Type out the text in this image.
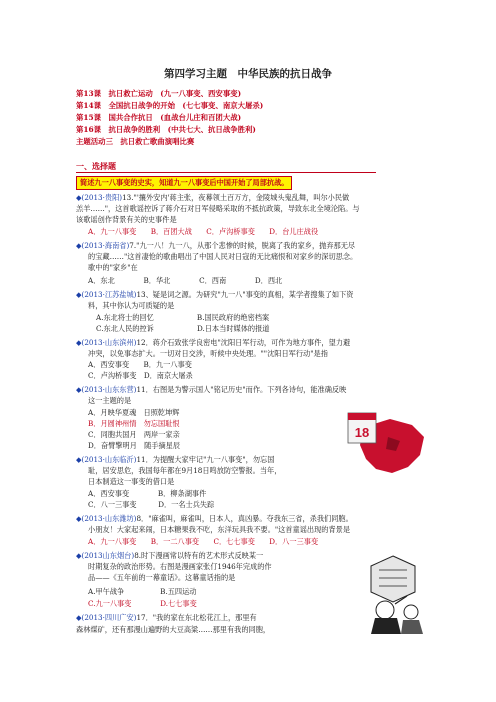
第四学习主题　中华民族的抗日战争
第13课　抗日救亡运动　(九一八事变、西安事变)
第14课　全国抗日战争的开始　(七七事变、南京大屠杀)
第15课　国共合作抗日　(血战台儿庄和百团大战)
第16课　抗日战争的胜利　(中共七大、抗日战争胜利)
主题活动三　抗日救亡歌曲演唱比赛
一、选择题
简述九一八事变的史实，知道九一八事变后中国开始了局部抗战。
◆(2013·贵阳)13."'攘外安内'蒋主张，夜幕领土百万方，金陵城头鬼乱舞，叫尔小民做
羔羊……"，这首歌谣控诉了蒋介石对日军侵略采取的不抵抗政策，导致东北全境沦陷。与
该歌谣创作背景有关的史事件是
A．九一八事变　　B．百团大战　　C．卢沟桥事变　　D．台儿庄战役
◆(2013·海南省)7."九一八！九一八，从那个悲惨的时候，脱离了我的家乡，抛弃那无尽
的宝藏……"这首凄怆的歌曲唱出了中国人民对日寇的无比痛恨和对家乡的深切思念。
歌中的"家乡"在
A．东北　　　　B．华北　　　　C．西南　　　　D．西北
◆(2013·江苏盐城)13、疑是词之源。为研究"九一八"事变的真相，某学者搜集了如下资
料，其中你认为可质疑的是
A.东北将士的回忆　　　　　　B.国民政府的绝密档案
C.东北人民的控诉　　　　　　D.日本当时媒体的报道
◆(2013·山东滨州)12．蒋介石致张学良密电"沈阳日军行动，可作为地方事件，望力避
冲突，以免事态扩大。一切对日交涉，听候中央处理。""沈阳日军行动"是指
A．西安事变　　B．九一八事变
C．卢沟桥事变　D．南京大屠杀
◆(2013·山东东营)11．右图是为警示国人"铭记历史"而作。下列各诗句，能准确反映
这一主题的是
A．月映华夏魂　日照乾坤辉
B．月圆神州情　勿忘国耻恨
C．同胞共国月　两岸一家亲
D．奋臂擎明月　随手摘星辰
◆(2013·山东临沂)11．为提醒大家牢记"九一八事变"，勿忘国
耻，居安思危，我国每年都在9月18日鸣放防空警报。当年，
日本制造这一事变的借口是
A．西安事变　　　　B．柳条湖事件
C．八一三事变　　　D．一名士兵失踪
◆(2013·山东潍坊)8．"麻雀叫，麻雀叫，日本人，真凶暴。夺我东三省，杀我们同胞。
小朋友！大家起来闹，日本糖果我不吃，东洋玩具我不要。"这首童谣出现的背景是
A．九一八事变　　B．一二八事变　　C．七七事变　　D．八一三事变
◆(2013山东烟台)8.时下漫画常以特有的艺术形式反映某一
时期复杂的政治形势。右图是漫画家张仃1946年完成的作
品——《五年前的一幕童话》。这幕童话指的是
A.甲午战争　　　　　B.五四运动
C.九一八事变　　　　D.七七事变
◆(2013·四川广安)17．"我的家在东北松花江上，那里有
森林煤矿，还有那漫山遍野的大豆高粱……那里有我的同胞，
18
